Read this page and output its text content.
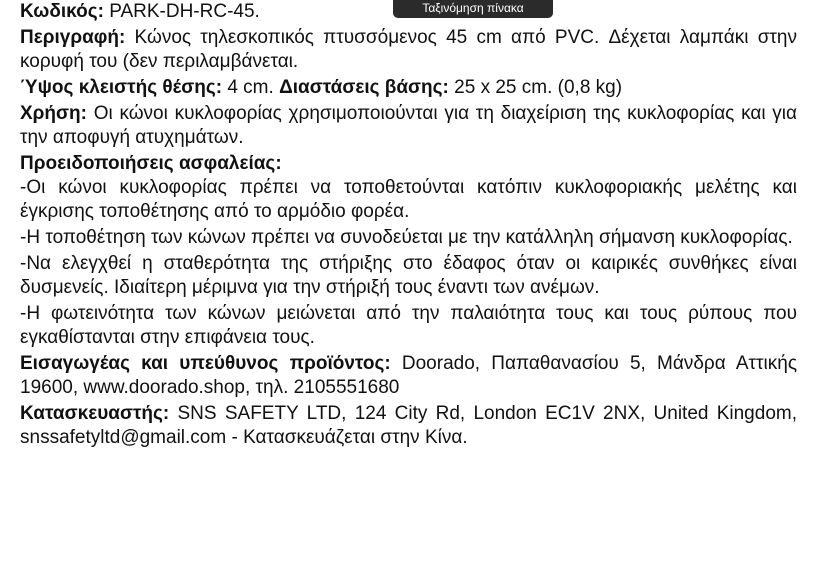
Ταξινόμηση πίνακα

Κωδικός: PARK-DH-RC-45.

Περιγραφή: Κώνος τηλεσκοπικός πτυσσόμενος 45 cm από PVC. Δέχεται λαμπάκι στην κορυφή του (δεν περιλαμβάνεται.

Ύψος κλειστής θέσης: 4 cm. Διαστάσεις βάσης: 25 x 25 cm. (0,8 kg)

Χρήση: Οι κώνοι κυκλοφορίας χρησιμοποιούνται για τη διαχείριση της κυκλοφορίας και για την αποφυγή ατυχημάτων.

Προειδοποιήσεις ασφαλείας:

-Οι κώνοι κυκλοφορίας πρέπει να τοποθετούνται κατόπιν κυκλοφοριακής μελέτης και έγκρισης τοποθέτησης από το αρμόδιο φορέα.

-Η τοποθέτηση των κώνων πρέπει να συνοδεύεται με την κατάλληλη σήμανση κυκλοφορίας.

-Να ελεγχθεί η σταθερότητα της στήριξης στο έδαφος όταν οι καιρικές συνθήκες είναι δυσμενείς. Ιδιαίτερη μέριμνα για την στήριξή τους έναντι των ανέμων.

-Η φωτεινότητα των κώνων μειώνεται από την παλαιότητα τους και τους ρύπους που εγκαθίστανται στην επιφάνεια τους.

Εισαγωγέας και υπεύθυνος προϊόντος: Doorado, Παπαθανασίου 5, Μάνδρα Αττικής 19600, www.doorado.shop, τηλ. 2105551680

Κατασκευαστής: SNS SAFETY LTD, 124 City Rd, London EC1V 2NX, United Kingdom, snssafetyltd@gmail.com - Κατασκευάζεται στην Κίνα.
